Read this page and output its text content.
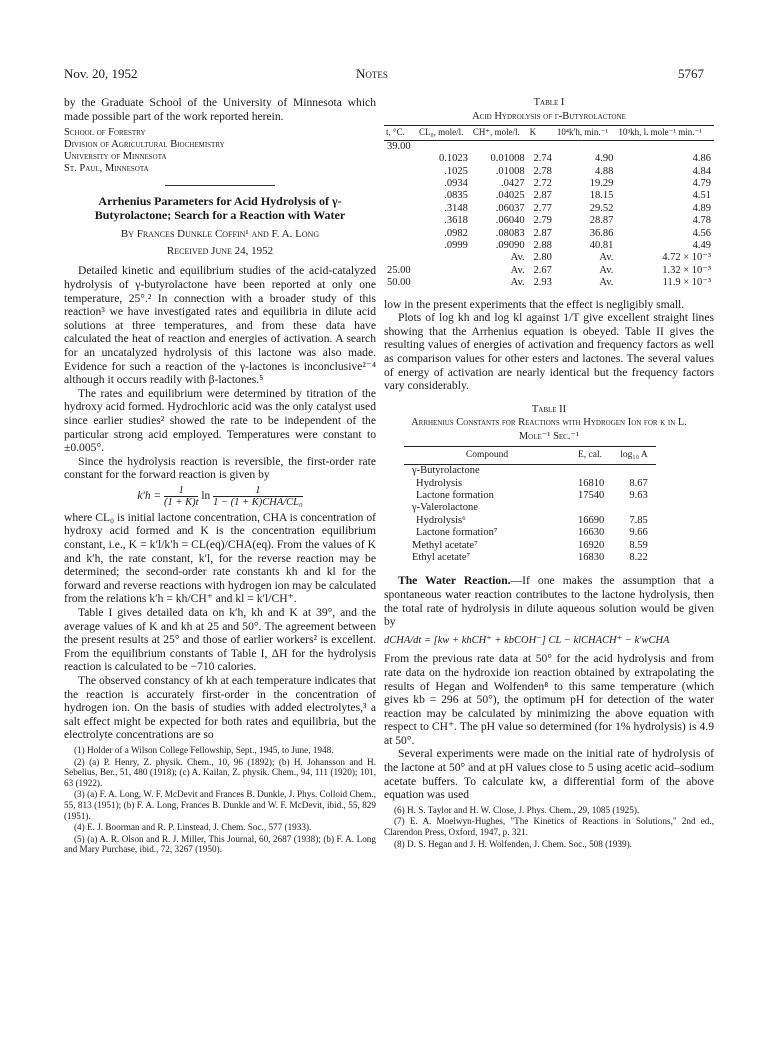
Nov. 20, 1952	Notes	5767

by the Graduate School of the University of Minnesota which made possible part of the work reported herein.

School of Forestry

Division of Agricultural Biochemistry

University of Minnesota

St. Paul, Minnesota

Arrhenius Parameters for Acid Hydrolysis of γ-Butyrolactone; Search for a Reaction with Water

By Frances Dunkle Coffin¹ and F. A. Long

Received June 24, 1952

Detailed kinetic and equilibrium studies of the acid-catalyzed hydrolysis of γ-butyrolactone have been reported at only one temperature, 25°.² In connection with a broader study of this reaction³ we have investigated rates and equilibria in dilute acid solutions at three temperatures, and from these data have calculated the heat of reaction and energies of activation. A search for an uncatalyzed hydrolysis of this lactone was also made. Evidence for such a reaction of the γ-lactones is inconclusive²⁻⁴ although it occurs readily with β-lactones.⁵

The rates and equilibrium were determined by titration of the hydroxy acid formed. Hydrochloric acid was the only catalyst used since earlier studies² showed the rate to be independent of the particular strong acid employed. Temperatures were constant to ±0.005°.

Since the hydrolysis reaction is reversible, the first-order rate constant for the forward reaction is given by

$k'h = \frac{1}{(1 + K)t}$ $\ln \frac{1}{\text{1 − (1 + K)CHA/CL₀}}$

where CL₀ is initial lactone concentration, CHA is concentration of hydroxy acid formed and K is the concentration equilibrium constant, i.e., K = k′l/k′h = CL(eq)/CHA(eq). From the values of K and k′h, the rate constant, k′l, for the reverse reaction may be determined; the second-order rate constants kh and kl for the forward and reverse reactions with hydrogen ion may be calculated from the relations k′h = kh/CH⁺ and kl = k′l/CH⁺.

Table I gives detailed data on k′h, kh and K at 39°, and the average values of K and kh at 25 and 50°. The agreement between the present results at 25° and those of earlier workers² is excellent. From the equilibrium constants of Table I, ΔH for the hydrolysis reaction is calculated to be −710 calories.

The observed constancy of kh at each temperature indicates that the reaction is accurately first-order in the concentration of hydrogen ion. On the basis of studies with added electrolytes,³ a salt effect might be expected for both rates and equilibria, but the electrolyte concentrations are so

(1) Holder of a Wilson College Fellowship, Sept., 1945, to June, 1948.

(2) (a) P. Henry, Z. physik. Chem., 10, 96 (1892); (b) H. Johansson and H. Sebelius, Ber., 51, 480 (1918); (c) A. Kailan, Z. physik. Chem., 94, 111 (1920); 101, 63 (1922).

(3) (a) F. A. Long, W. F. McDevit and Frances B. Dunkle, J. Phys. Colloid Chem., 55, 813 (1951); (b) F. A. Long, Frances B. Dunkle and W. F. McDevit, ibid., 55, 829 (1951).

(4) E. J. Boorman and R. P. Linstead, J. Chem. Soc., 577 (1933).

(5) (a) A. R. Olson and R. J. Miller, This Journal, 60, 2687 (1938); (b) F. A. Long and Mary Purchase, ibid., 72, 3267 (1950).

Table I

Acid Hydrolysis of γ-Butyrolactone

t, °C.	CL₀, mole/l.	CH⁺, mole/l.	K	10⁴k′h, min.⁻¹	10³kh, l. mole⁻¹ min.⁻¹
39.00					
	0.1023	0.01008	2.74	4.90	4.86
	.1025	.01008	2.78	4.88	4.84
	.0934	.0427	2.72	19.29	4.79
	.0835	.04025	2.87	18.15	4.51
	.3148	.06037	2.77	29.52	4.89
	.3618	.06040	2.79	28.87	4.78
	.0982	.08083	2.87	36.86	4.56
	.0999	.09090	2.88	40.81	4.49
		Av.	2.80	Av.	4.72 × 10⁻³
25.00		Av.	2.67	Av.	1.32 × 10⁻³
50.00		Av.	2.93	Av.	11.9 × 10⁻³

low in the present experiments that the effect is negligibly small.

Plots of log kh and log kl against 1/T give excellent straight lines showing that the Arrhenius equation is obeyed. Table II gives the resulting values of energies of activation and frequency factors as well as comparison values for other esters and lactones. The several values of energy of activation are nearly identical but the frequency factors vary considerably.

Table II

Arrhenius Constants for Reactions with Hydrogen Ion for k in L. Mole⁻¹ Sec.⁻¹

Compound	E, cal.	log₁₀ A
γ-Butyrolactone		
Hydrolysis	16810	8.67
Lactone formation	17540	9.63
γ-Valerolactone		
Hydrolysis⁶	16690	7.85
Lactone formation⁷	16630	9.66
Methyl acetate⁷	16920	8.59
Ethyl acetate⁷	16830	8.22

The Water Reaction.—If one makes the assumption that a spontaneous water reaction contributes to the lactone hydrolysis, then the total rate of hydrolysis in dilute aqueous solution would be given by

dCHA/dt = [kw + khCH⁺ + kbCOH⁻] CL − klCHACH⁺ − k′wCHA

From the previous rate data at 50° for the acid hydrolysis and from rate data on the hydroxide ion reaction obtained by extrapolating the results of Hegan and Wolfenden⁸ to this same temperature (which gives kb = 296 at 50°), the optimum pH for detection of the water reaction may be calculated by minimizing the above equation with respect to CH⁺. The pH value so determined (for 1% hydrolysis) is 4.9 at 50°.

Several experiments were made on the initial rate of hydrolysis of the lactone at 50° and at pH values close to 5 using acetic acid–sodium acetate buffers. To calculate kw, a differential form of the above equation was used

(6) H. S. Taylor and H. W. Close, J. Phys. Chem., 29, 1085 (1925).

(7) E. A. Moelwyn-Hughes, "The Kinetics of Reactions in Solutions," 2nd ed., Clarendon Press, Oxford, 1947, p. 321.

(8) D. S. Hegan and J. H. Wolfenden, J. Chem. Soc., 508 (1939).
